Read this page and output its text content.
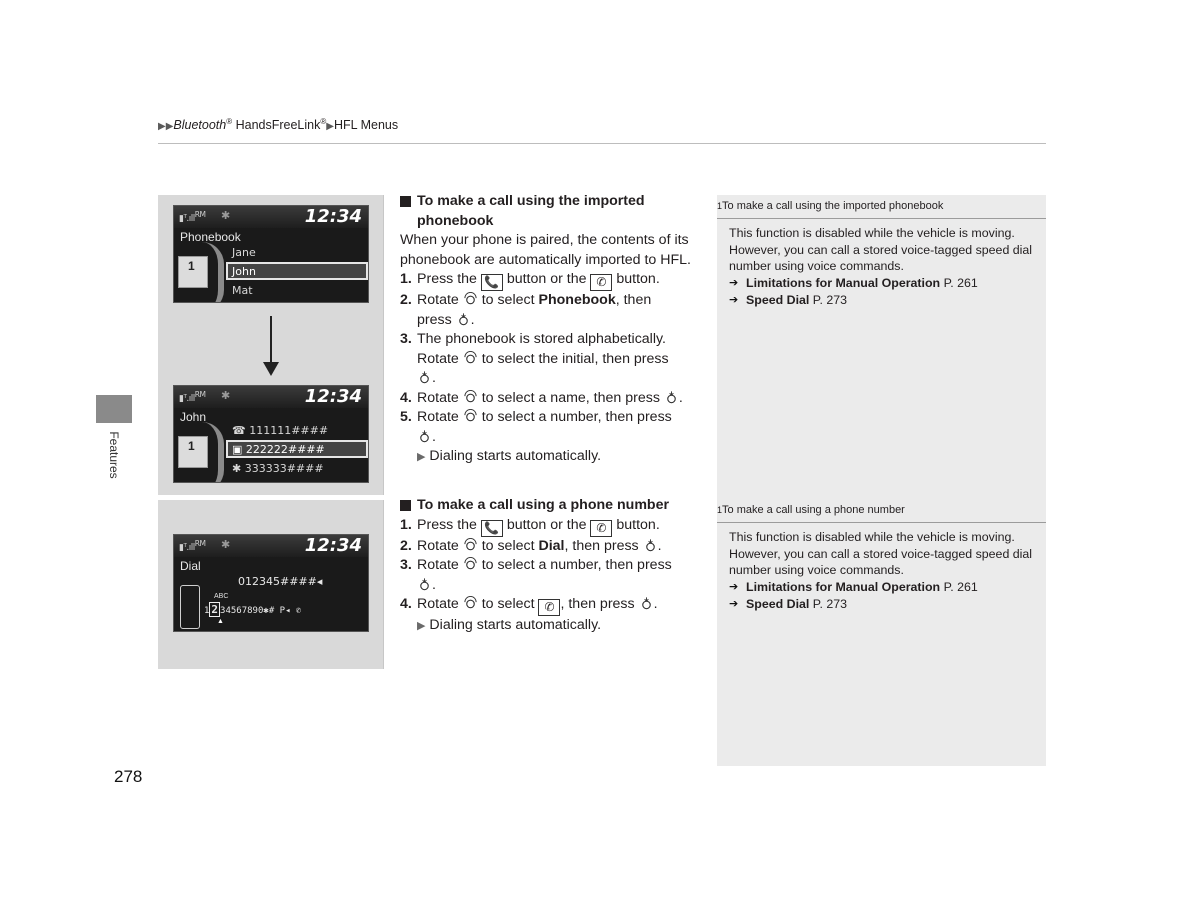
▶▶Bluetooth® HandsFreeLink®▶HFL Menus
Features
278
▮ᵀ.ıll$^{RM}$ ✱	12:34
Phonebook
1
Jane
John
Mat
▮ᵀ.ıll$^{RM}$ ✱	12:34
John
1
☎ 111111####
▣ 222222####
✱ 333333####
▮ᵀ.ıll$^{RM}$ ✱	12:34
Dial
012345####◂
ABC
1 2 34567890✱# P◂ ✆
▲
To make a call using the imported
phonebook
When your phone is paired, the contents of its phonebook are automatically imported to HFL.
1. Press the 📞 button or the ✆ button.
2. Rotate  to select Phonebook, then
press .
3. The phonebook is stored alphabetically.
Rotate  to select the initial, then press
.
4. Rotate  to select a name, then press .
5. Rotate  to select a number, then press
.
▶ Dialing starts automatically.
To make a call using a phone number
1. Press the 📞 button or the ✆ button.
2. Rotate  to select Dial, then press .
3. Rotate  to select a number, then press
.
4. Rotate  to select ✆ , then press .
▶ Dialing starts automatically.
1To make a call using the imported phonebook
This function is disabled while the vehicle is moving. However, you can call a stored voice-tagged speed dial number using voice commands.
➔ Limitations for Manual Operation P. 261
➔ Speed Dial P. 273
1To make a call using a phone number
This function is disabled while the vehicle is moving. However, you can call a stored voice-tagged speed dial number using voice commands.
➔ Limitations for Manual Operation P. 261
➔ Speed Dial P. 273
